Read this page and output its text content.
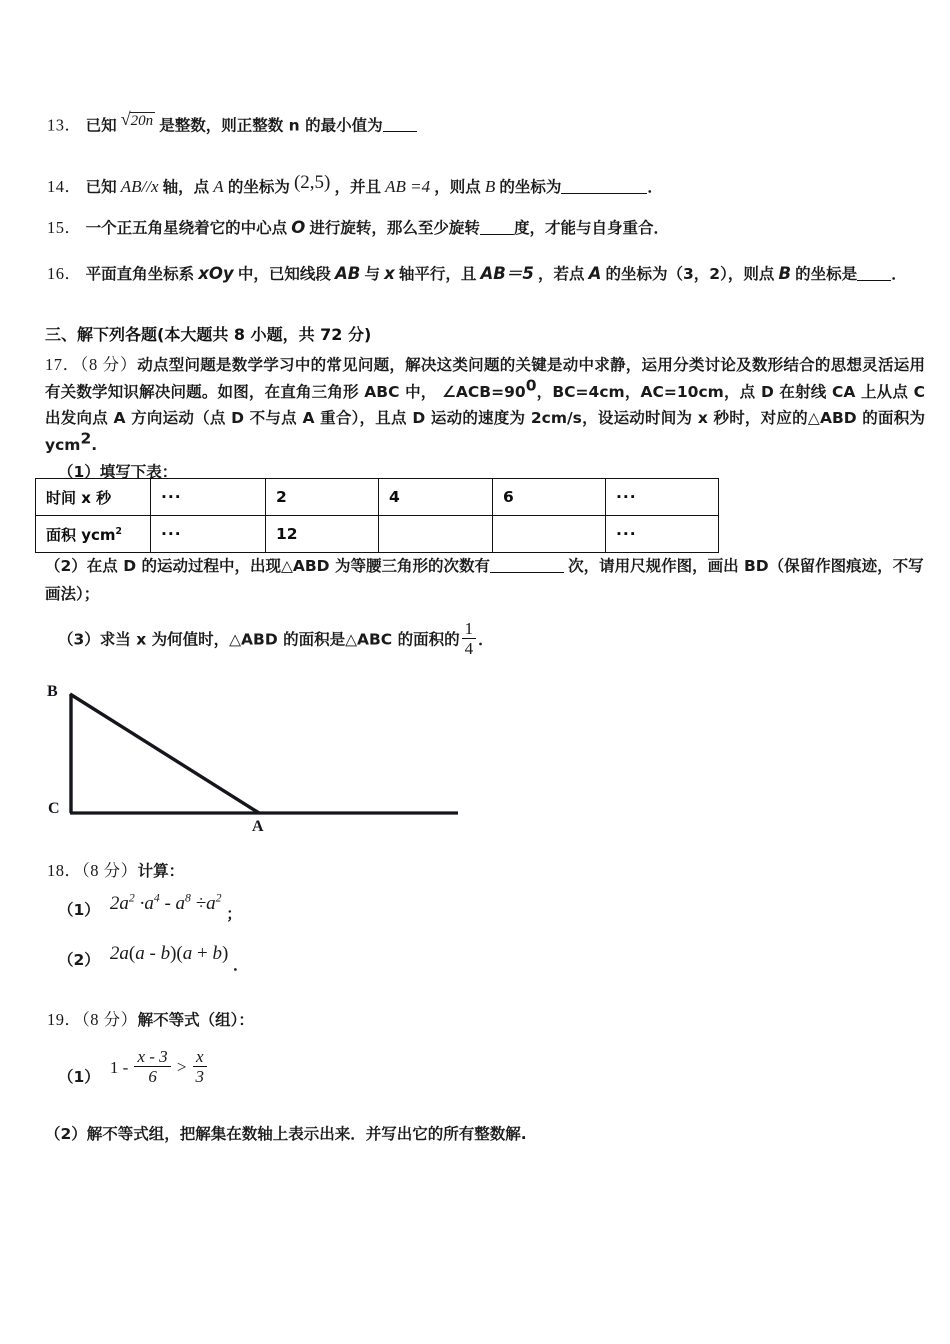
13． 已知 √20n 是整数，则正整数 n 的最小值为
14． 已知 AB//x 轴，点 A 的坐标为 (2,5) ，并且 AB =4 ，则点 B 的坐标为	．
15． 一个正五角星绕着它的中心点 O 进行旋转，那么至少旋转 度，才能与自身重合．
16． 平面直角坐标系 xOy 中，已知线段 AB 与 x 轴平行，且 AB＝5 ，若点 A 的坐标为（3，2），则点 B 的坐标是 ．
三、解下列各题(本大题共 8 小题，共 72 分)
17．（8 分）动点型问题是数学学习中的常见问题，解决这类问题的关键是动中求静，运用分类讨论及数形结合的思想灵活运用有关数学知识解决问题。如图，在直角三角形 ABC 中， $\angle ACB=90^0$，BC=4cm，AC=10cm，点 D 在射线 CA 上从点 C 出发向点 A 方向运动（点 D 不与点 A 重合），且点 D 运动的速度为 2cm/s，设运动时间为 x 秒时，对应的△ABD 的面积为 ycm$^2$.
（1）填写下表：
时间 x 秒	···	2	4	6	···
面积 ycm$^2$	···	12			···
（2）在点 D 的运动过程中，出现△ABD 为等腰三角形的次数有	次，请用尺规作图，画出 BD（保留作图痕迹，不写画法）；
（3）求当 x 为何值时，△ABD 的面积是△ABC 的面积的 $\frac{1}{4}$ ．
B
C
A
18．（8 分）计算：
（1） $2a^2 \cdot a^4 - a^8 \div a^2$ ；
（2） 2a(a - b)(a + b) ．
19．（8 分）解不等式（组）：
（1） $1 - \frac{x - 3}{6} > \frac{x}{3}$
（2）解不等式组，把解集在数轴上表示出来．并写出它的所有整数解.
